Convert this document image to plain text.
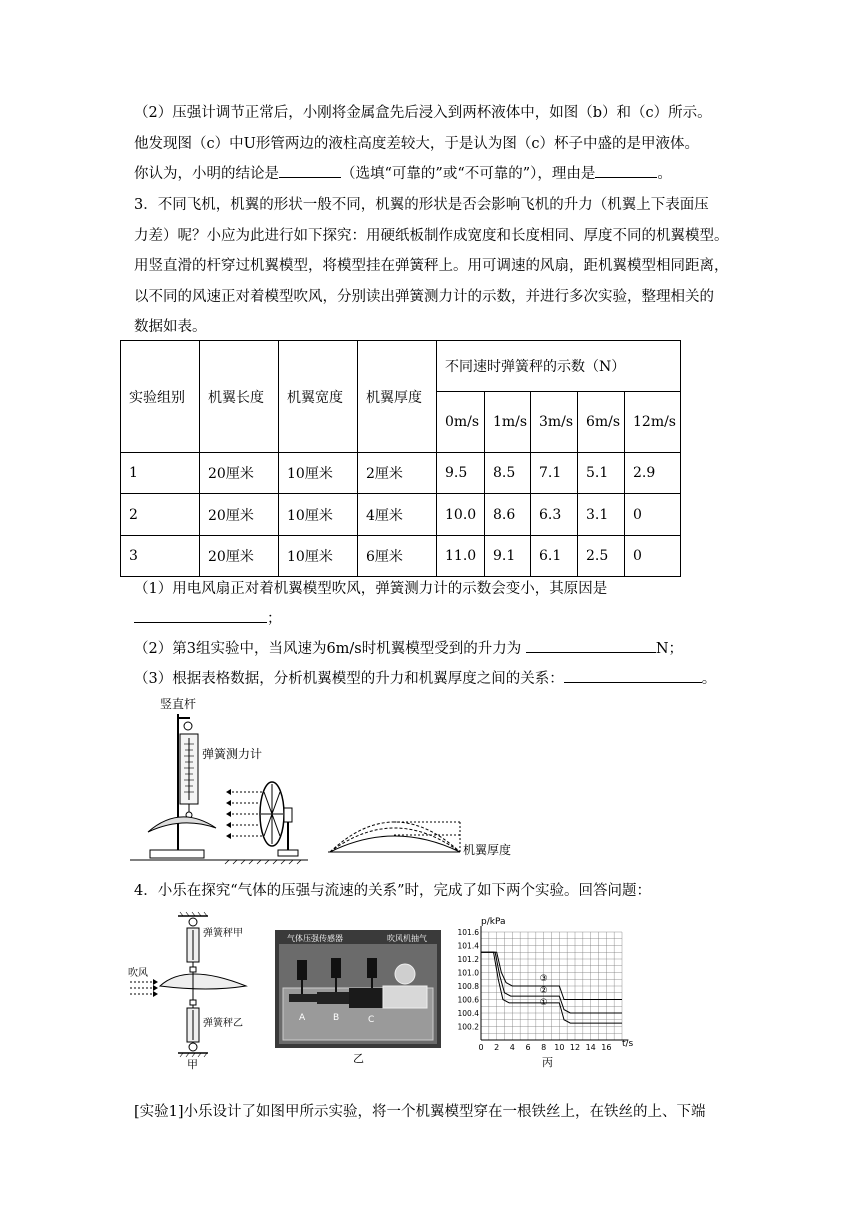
（2）压强计调节正常后，小刚将金属盒先后浸入到两杯液体中，如图（b）和（c）所示。
他发现图（c）中U形管两边的液柱高度差较大，于是认为图（c）杯子中盛的是甲液体。
你认为，小明的结论是	（选填“可靠的”或“不可靠的”），理由是	。
3．不同飞机，机翼的形状一般不同，机翼的形状是否会影响飞机的升力（机翼上下表面压
力差）呢？小应为此进行如下探究：用硬纸板制作成宽度和长度相同、厚度不同的机翼模型。
用竖直滑的杆穿过机翼模型，将模型挂在弹簧秤上。用可调速的风扇，距机翼模型相同距离，
以不同的风速正对着模型吹风，分别读出弹簧测力计的示数，并进行多次实验，整理相关的
数据如表。
实验组别	机翼长度	机翼宽度	机翼厚度	不同速时弹簧秤的示数（N）				
				0m/s	1m/s	3m/s	6m/s	12m/s
1	20厘米	10厘米	2厘米	9.5	8.5	7.1	5.1	2.9
2	20厘米	10厘米	4厘米	10.0	8.6	6.3	3.1	0
3	20厘米	10厘米	6厘米	11.0	9.1	6.1	2.5	0
（1）用电风扇正对着机翼模型吹风，弹簧测力计的示数会变小，其原因是
；
（2）第3组实验中，当风速为6m/s时机翼模型受到的升力为	N；
（3）根据表格数据，分析机翼模型的升力和机翼厚度之间的关系：	。
竖直杆
弹簧测力计
机翼厚度
4．小乐在探究“气体的压强与流速的关系”时，完成了如下两个实验。回答问题：
弹簧秤甲
吹风
弹簧秤乙
甲
气体压强传感器	吹风机抽气
A	B	C
乙
p/kPa
t/s
丙
③
②
①
0 2 4 6 8 10 12 14 16
100.2
100.4
100.6
100.8
101.0
101.2
101.4
101.6
[实验1]小乐设计了如图甲所示实验，将一个机翼模型穿在一根铁丝上，在铁丝的上、下端
